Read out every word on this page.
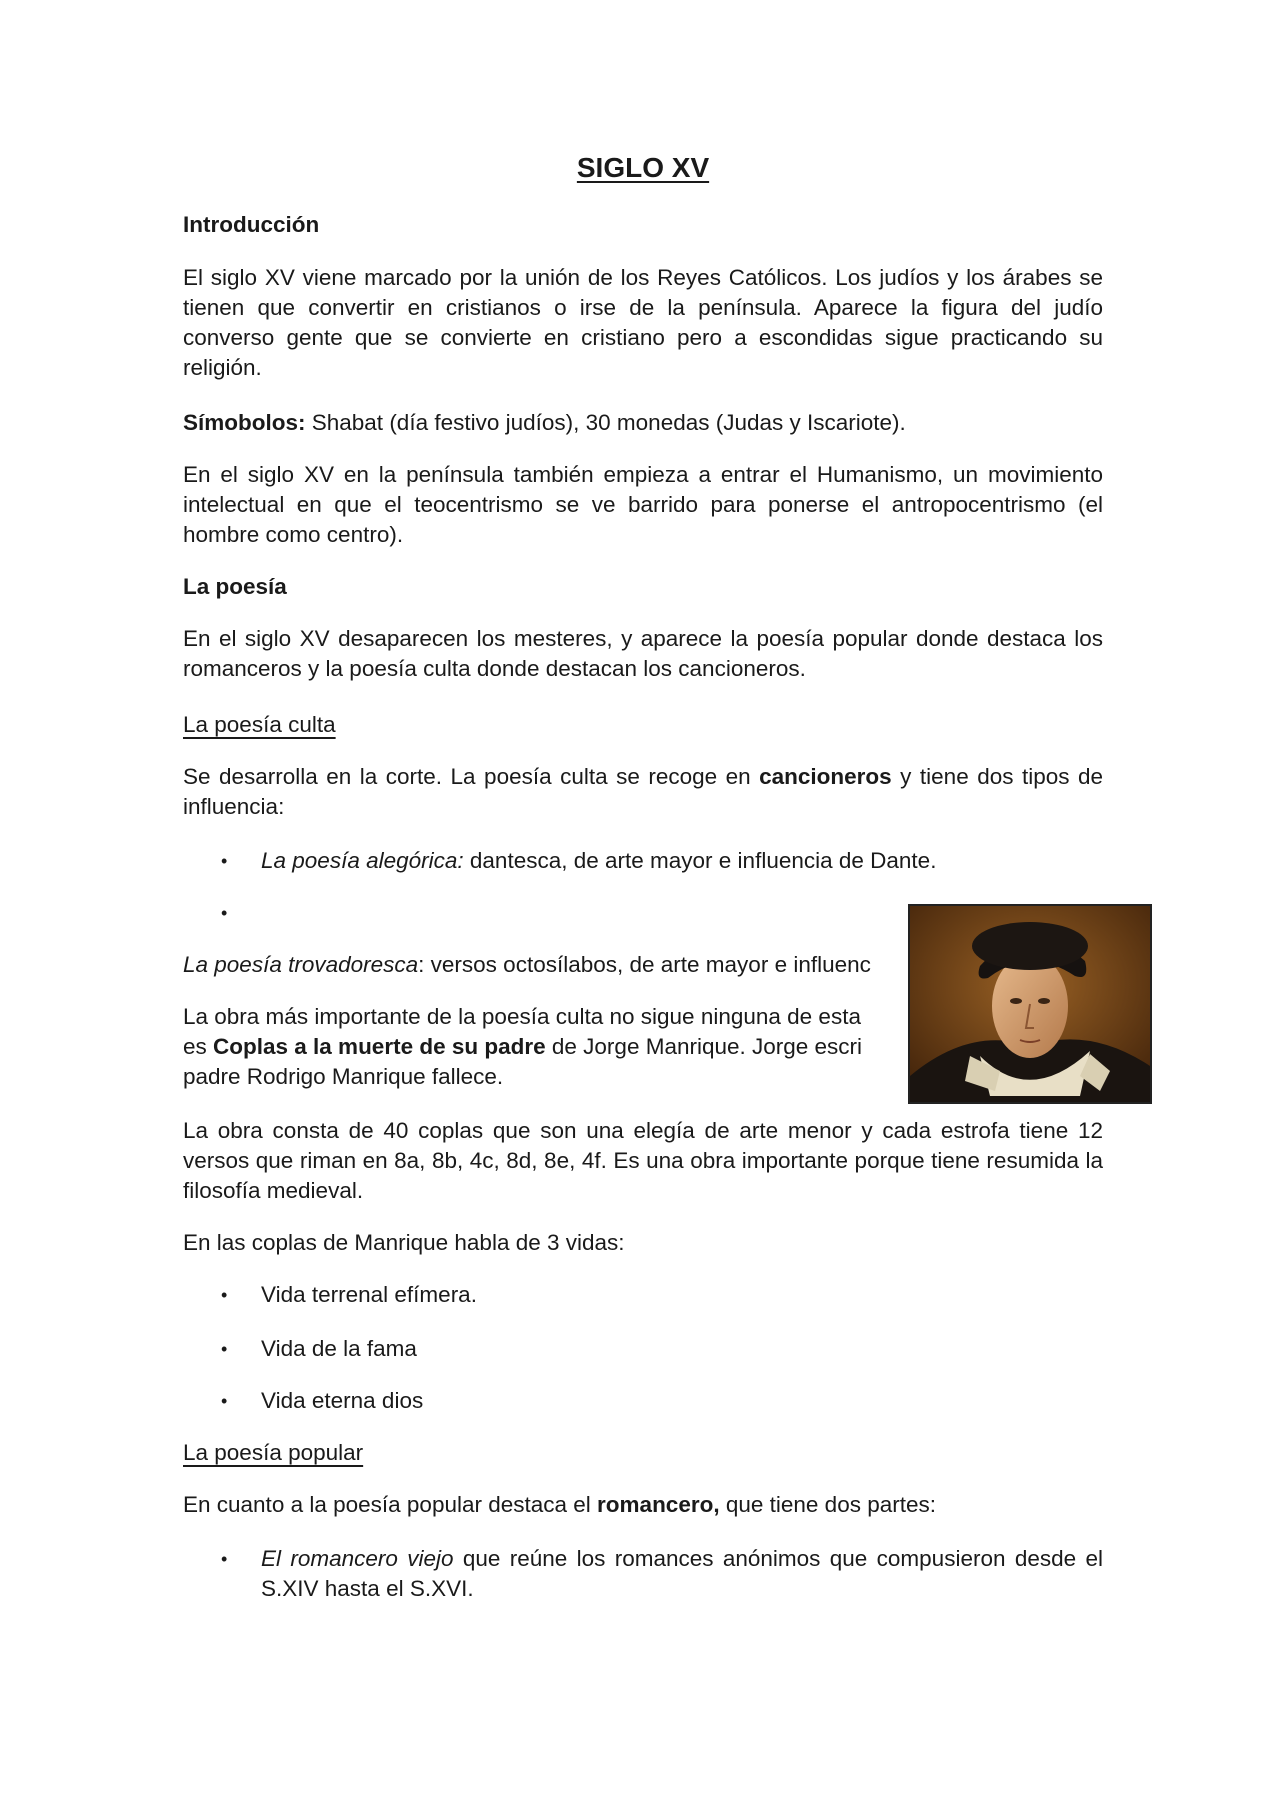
SIGLO XV

Introducción

El siglo XV viene marcado por la unión de los Reyes Católicos. Los judíos y los árabes se tienen que convertir en cristianos o irse de la península. Aparece la figura del judío converso gente que se convierte en cristiano pero a escondidas sigue practicando su religión.

Símobolos: Shabat (día festivo judíos), 30 monedas (Judas y Iscariote).

En el siglo XV en la península también empieza a entrar el Humanismo, un movimiento intelectual en que el teocentrismo se ve barrido para ponerse el antropocentrismo (el hombre como centro).

La poesía

En el siglo XV desaparecen los mesteres, y aparece la poesía popular donde destaca los romanceros y la poesía culta donde destacan los cancioneros.

La poesía culta

Se desarrolla en la corte. La poesía culta se recoge en cancioneros y tiene dos tipos de influencia:

• La poesía alegórica: dantesca, de arte mayor e influencia de Dante.
•

La poesía trovadoresca: versos octosílabos, de arte mayor e influenc

La obra más importante de la poesía culta no sigue ninguna de esta
es Coplas a la muerte de su padre de Jorge Manrique. Jorge escri
padre Rodrigo Manrique fallece.

La obra consta de 40 coplas que son una elegía de arte menor y cada estrofa tiene 12 versos que riman en 8a, 8b, 4c, 8d, 8e, 4f. Es una obra importante porque tiene resumida la filosofía medieval.

En las coplas de Manrique habla de 3 vidas:

• Vida terrenal efímera.
• Vida de la fama
• Vida eterna dios

La poesía popular

En cuanto a la poesía popular destaca el romancero, que tiene dos partes:

• El romancero viejo que reúne los romances anónimos que compusieron desde el S.XIV hasta el S.XVI.
